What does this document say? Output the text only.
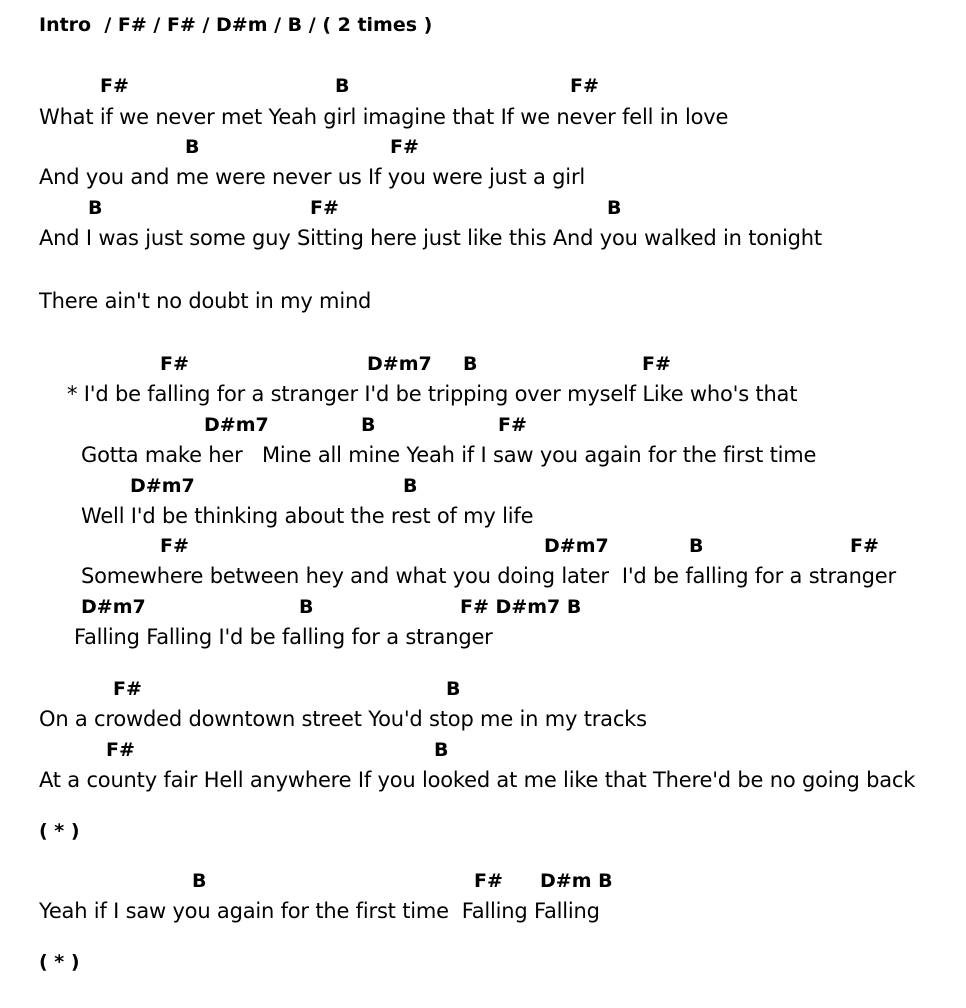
Intro  / F# / F# / D#m / B / ( 2 times )
F#	B	F#
What if we never met Yeah girl imagine that If we never fell in love
B	F#
And you and me were never us If you were just a girl
B	F#	B
And I was just some guy Sitting here just like this And you walked in tonight
There ain't no doubt in my mind
F#	D#m7 B	F#
* I'd be falling for a stranger I'd be tripping over myself Like who's that
D#m7	B	F#
Gotta make her   Mine all mine Yeah if I saw you again for the first time
D#m7	B
Well I'd be thinking about the rest of my life
F#	D#m7	B	F#
Somewhere between hey and what you doing later  I'd be falling for a stranger
D#m7	B	F# D#m7 B
Falling Falling I'd be falling for a stranger
F#	B
On a crowded downtown street You'd stop me in my tracks
F#	B
At a county fair Hell anywhere If you looked at me like that There'd be no going back
( * )
B	F# D#m B
Yeah if I saw you again for the first time  Falling Falling
( * )
